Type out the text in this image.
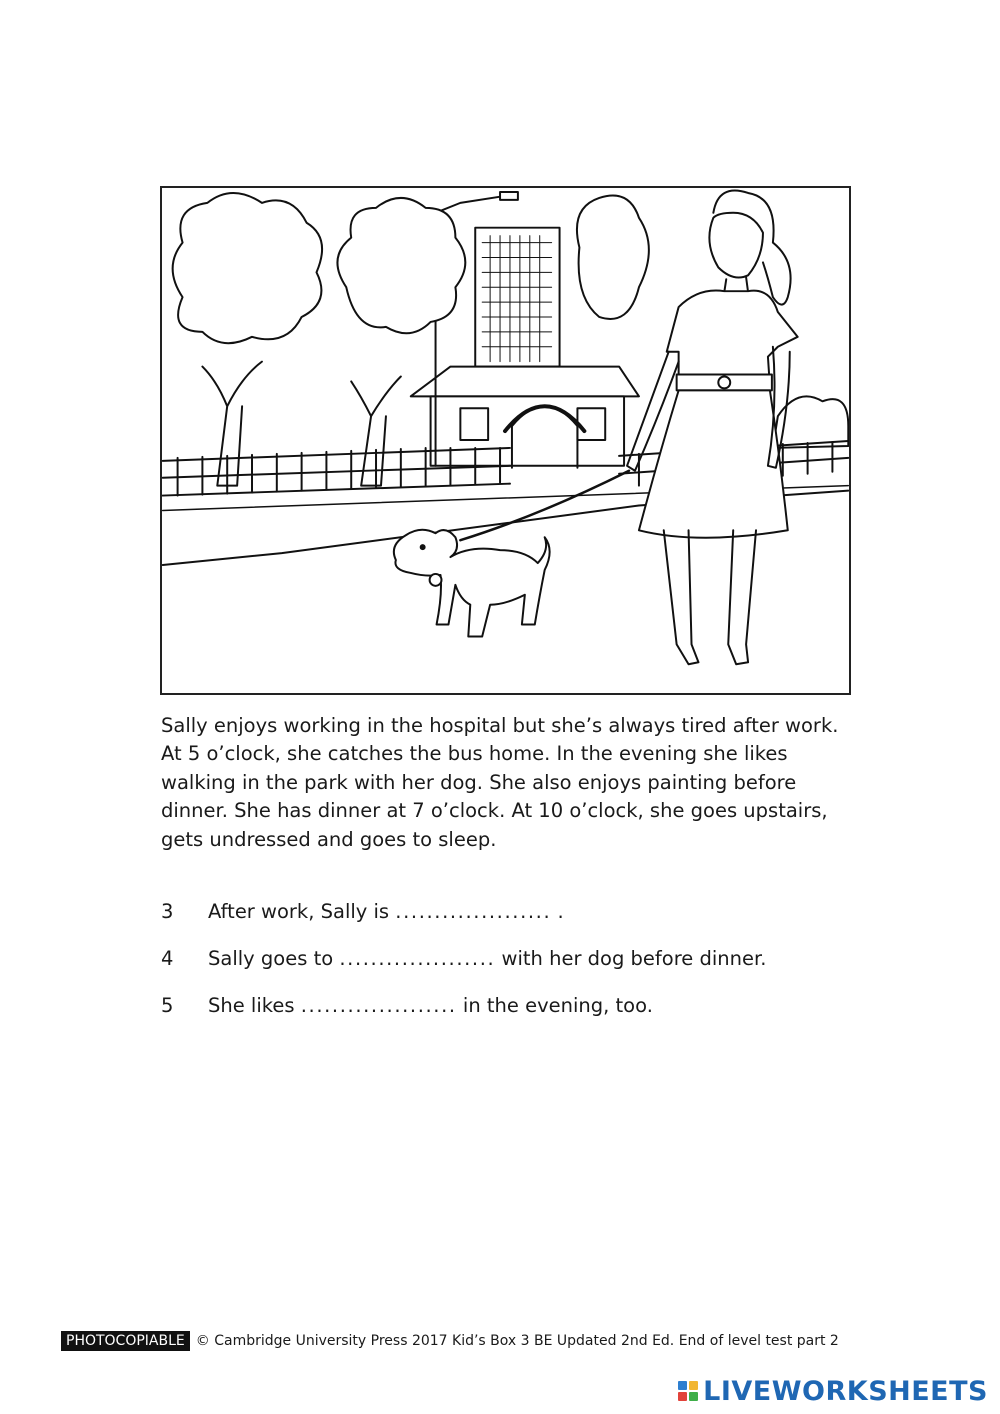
Sally enjoys working in the hospital but she’s always tired after work. At 5 o’clock, she catches the bus home. In the evening she likes walking in the park with her dog. She also enjoys painting before dinner. She has dinner at 7 o’clock. At 10 o’clock, she goes upstairs, gets undressed and goes to sleep.

3 After work, Sally is .................... .
4 Sally goes to .................... with her dog before dinner.
5 She likes .................... in the evening, too.
PHOTOCOPIABLE © Cambridge University Press 2017 Kid’s Box 3 BE Updated 2nd Ed. End of level test part 2
LIVEWORKSHEETS
